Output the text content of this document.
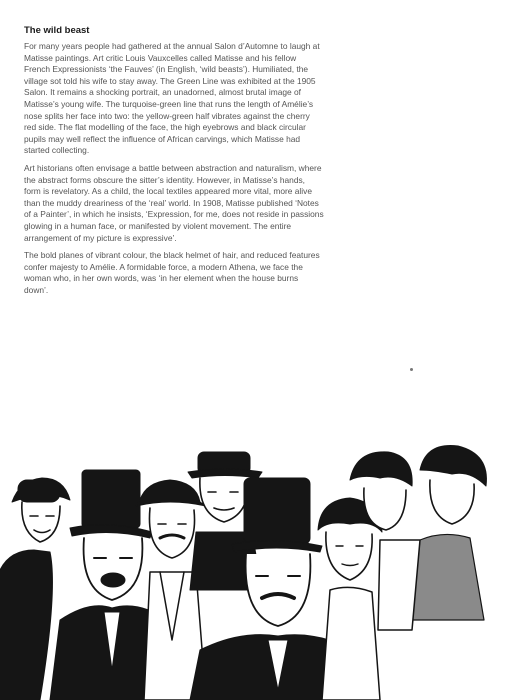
The wild beast

For many years people had gathered at the annual Salon d’Automne to laugh at Matisse paintings. Art critic Louis Vauxcelles called Matisse and his fellow French Expressionists ‘the Fauves’ (in English, ‘wild beasts’). Humiliated, the village sot told his wife to stay away. The Green Line was exhibited at the 1905 Salon. It remains a shocking portrait, an unadorned, almost brutal image of Matisse’s young wife. The turquoise-green line that runs the length of Amélie’s nose splits her face into two: the yellow-green half vibrates against the cherry red side. The flat modelling of the face, the high eyebrows and black circular pupils may well reflect the influence of African carvings, which Matisse had started collecting.

Art historians often envisage a battle between abstraction and naturalism, where the abstract forms obscure the sitter’s identity. However, in Matisse’s hands, form is revelatory. As a child, the local textiles appeared more vital, more alive than the muddy dreariness of the ‘real’ world. In 1908, Matisse published ‘Notes of a Painter’, in which he insists, ‘Expression, for me, does not reside in passions glowing in a human face, or manifested by violent movement. The entire arrangement of my picture is expressive’.

The bold planes of vibrant colour, the black helmet of hair, and reduced features confer majesty to Amélie. A formidable force, a modern Athena, we face the woman who, in her own words, was ‘in her element when the house burns down’.
